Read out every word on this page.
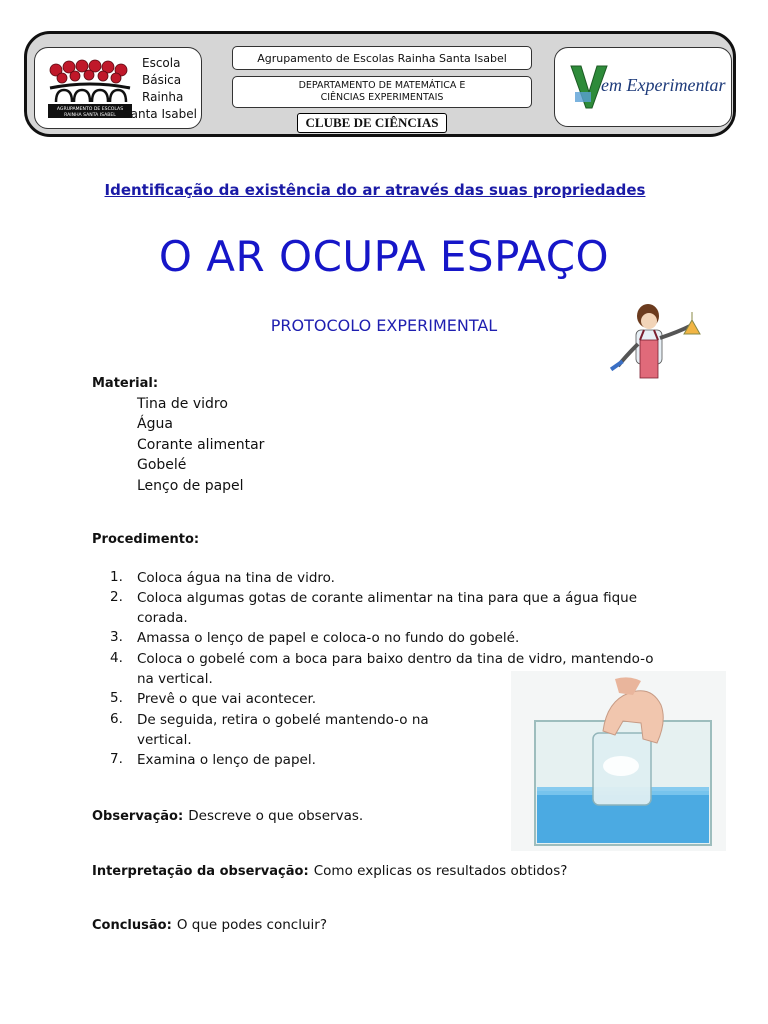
AGRUPAMENTO DE ESCOLAS
RAINHA SANTA ISABEL
Escola
Básica
Rainha
Santa Isabel
Agrupamento de Escolas Rainha Santa Isabel
DEPARTAMENTO DE MATEMÁTICA E
CIÊNCIAS EXPERIMENTAIS
CLUBE DE CIÊNCIAS
em Experimentar
Identificação da existência do ar através das suas propriedades
O AR OCUPA ESPAÇO
PROTOCOLO EXPERIMENTAL
Material:
Tina de vidro
Água
Corante alimentar
Gobelé
Lenço de papel
Procedimento:
1. Coloca água na tina de vidro.
2. Coloca algumas gotas de corante alimentar na tina para que a água fique
corada.
3. Amassa o lenço de papel e coloca-o no fundo do gobelé.
4. Coloca o gobelé com a boca para baixo dentro da tina de vidro, mantendo-o
na vertical.
5. Prevê o que vai acontecer.
6. De seguida, retira o gobelé mantendo-o na
vertical.
7. Examina o lenço de papel.
Observação: Descreve o que observas.
Interpretação da observação: Como explicas os resultados obtidos?
Conclusão: O que podes concluir?
